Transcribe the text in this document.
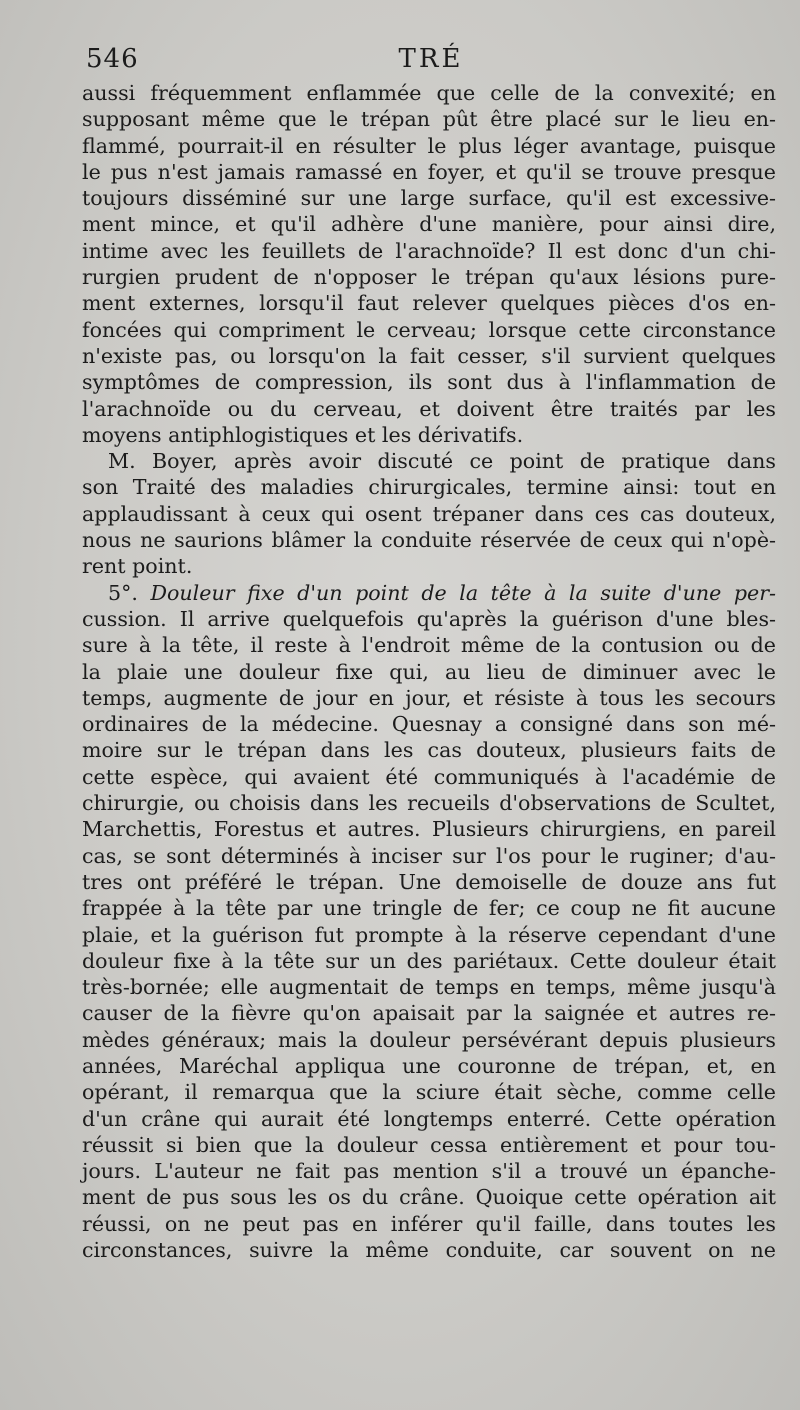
546	TRÉ
aussi fréquemment enflammée que celle de la convexité; en
supposant même que le trépan pût être placé sur le lieu en-
flammé, pourrait-il en résulter le plus léger avantage, puisque
le pus n'est jamais ramassé en foyer, et qu'il se trouve presque
toujours disséminé sur une large surface, qu'il est excessive-
ment mince, et qu'il adhère d'une manière, pour ainsi dire,
intime avec les feuillets de l'arachnoïde? Il est donc d'un chi-
rurgien prudent de n'opposer le trépan qu'aux lésions pure-
ment externes, lorsqu'il faut relever quelques pièces d'os en-
foncées qui compriment le cerveau; lorsque cette circonstance
n'existe pas, ou lorsqu'on la fait cesser, s'il survient quelques
symptômes de compression, ils sont dus à l'inflammation de
l'arachnoïde ou du cerveau, et doivent être traités par les
moyens antiphlogistiques et les dérivatifs.
M. Boyer, après avoir discuté ce point de pratique dans
son Traité des maladies chirurgicales, termine ainsi: tout en
applaudissant à ceux qui osent trépaner dans ces cas douteux,
nous ne saurions blâmer la conduite réservée de ceux qui n'opè-
rent point.
5°. Douleur fixe d'un point de la tête à la suite d'une per-
cussion. Il arrive quelquefois qu'après la guérison d'une bles-
sure à la tête, il reste à l'endroit même de la contusion ou de
la plaie une douleur fixe qui, au lieu de diminuer avec le
temps, augmente de jour en jour, et résiste à tous les secours
ordinaires de la médecine. Quesnay a consigné dans son mé-
moire sur le trépan dans les cas douteux, plusieurs faits de
cette espèce, qui avaient été communiqués à l'académie de
chirurgie, ou choisis dans les recueils d'observations de Scultet,
Marchettis, Forestus et autres. Plusieurs chirurgiens, en pareil
cas, se sont déterminés à inciser sur l'os pour le ruginer; d'au-
tres ont préféré le trépan. Une demoiselle de douze ans fut
frappée à la tête par une tringle de fer; ce coup ne fit aucune
plaie, et la guérison fut prompte à la réserve cependant d'une
douleur fixe à la tête sur un des pariétaux. Cette douleur était
très-bornée; elle augmentait de temps en temps, même jusqu'à
causer de la fièvre qu'on apaisait par la saignée et autres re-
mèdes généraux; mais la douleur persévérant depuis plusieurs
années, Maréchal appliqua une couronne de trépan, et, en
opérant, il remarqua que la sciure était sèche, comme celle
d'un crâne qui aurait été longtemps enterré. Cette opération
réussit si bien que la douleur cessa entièrement et pour tou-
jours. L'auteur ne fait pas mention s'il a trouvé un épanche-
ment de pus sous les os du crâne. Quoique cette opération ait
réussi, on ne peut pas en inférer qu'il faille, dans toutes les
circonstances, suivre la même conduite, car souvent on ne
